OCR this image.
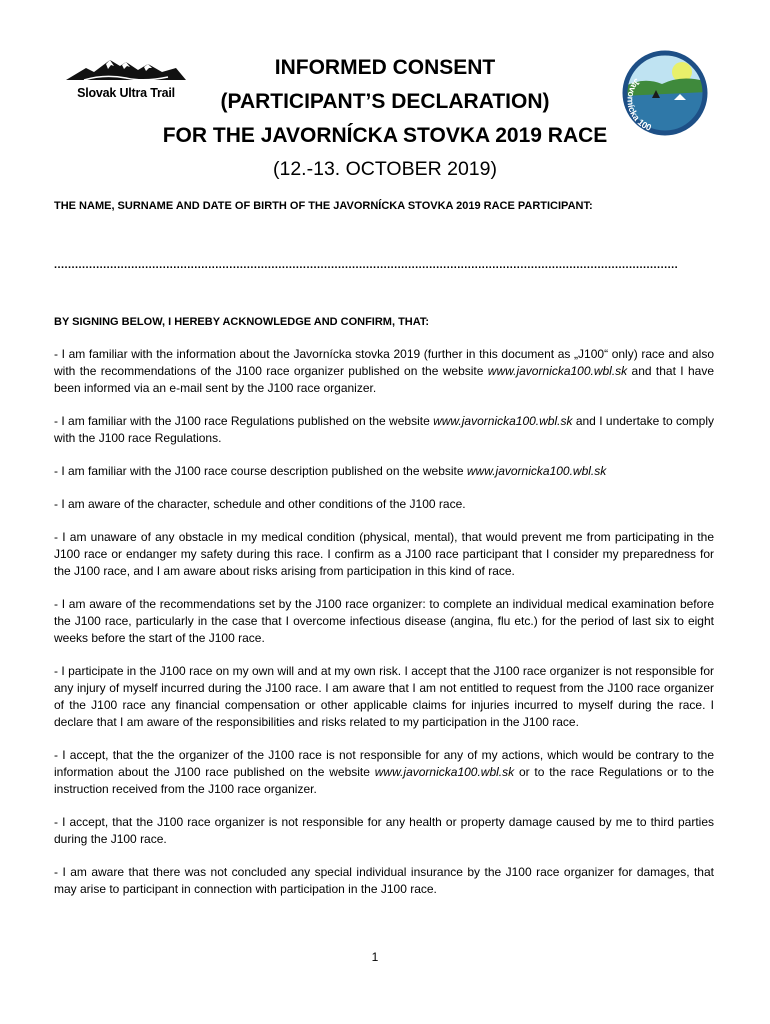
Slovak Ultra Trail
Javornícka 100
INFORMED CONSENT
(PARTICIPANT’S DECLARATION)
FOR THE JAVORNÍCKA STOVKA 2019 RACE
(12.-13. OCTOBER 2019)
THE NAME, SURNAME AND DATE OF BIRTH OF THE JAVORNÍCKA STOVKA 2019 RACE PARTICIPANT:
..................................................................................................................................................................................
BY SIGNING BELOW, I HEREBY ACKNOWLEDGE AND CONFIRM, THAT:

- I am familiar with the information about the Javornícka stovka 2019 (further in this document as „J100“ only) race and also with the recommendations of the J100 race organizer published on the website www.javornicka100.wbl.sk and that I have been informed via an e-mail sent by the J100 race organizer.

- I am familiar with the J100 race Regulations published on the website www.javornicka100.wbl.sk and I undertake to comply with the J100 race Regulations.

- I am familiar with the J100 race course description published on the website www.javornicka100.wbl.sk

- I am aware of the character, schedule and other conditions of the J100 race.

- I am unaware of any obstacle in my medical condition (physical, mental), that would prevent me from participating in the J100 race or endanger my safety during this race. I confirm as a J100 race participant that I consider my preparedness for the J100 race, and I am aware about risks arising from participation in this kind of race.

- I am aware of the recommendations set by the J100 race organizer: to complete an individual medical examination before the J100 race, particularly in the case that I overcome infectious disease (angina, flu etc.) for the period of last six to eight weeks before the start of the J100 race.

- I participate in the J100 race on my own will and at my own risk. I accept that the J100 race organizer is not responsible for any injury of myself incurred during the J100 race. I am aware that I am not entitled to request from the J100 race organizer of the J100 race any financial compensation or other applicable claims for injuries incurred to myself during the race. I declare that I am aware of the responsibilities and risks related to my participation in the J100 race.

- I accept, that the the organizer of the J100 race is not responsible for any of my actions, which would be contrary to the information about the J100 race published on the website www.javornicka100.wbl.sk or to the race Regulations or to the instruction received from the J100 race organizer.

- I accept, that the J100 race organizer is not responsible for any health or property damage caused by me to third parties during the J100 race.

- I am aware that there was not concluded any special individual insurance by the J100 race organizer for damages, that may arise to participant in connection with participation in the J100 race.

1
